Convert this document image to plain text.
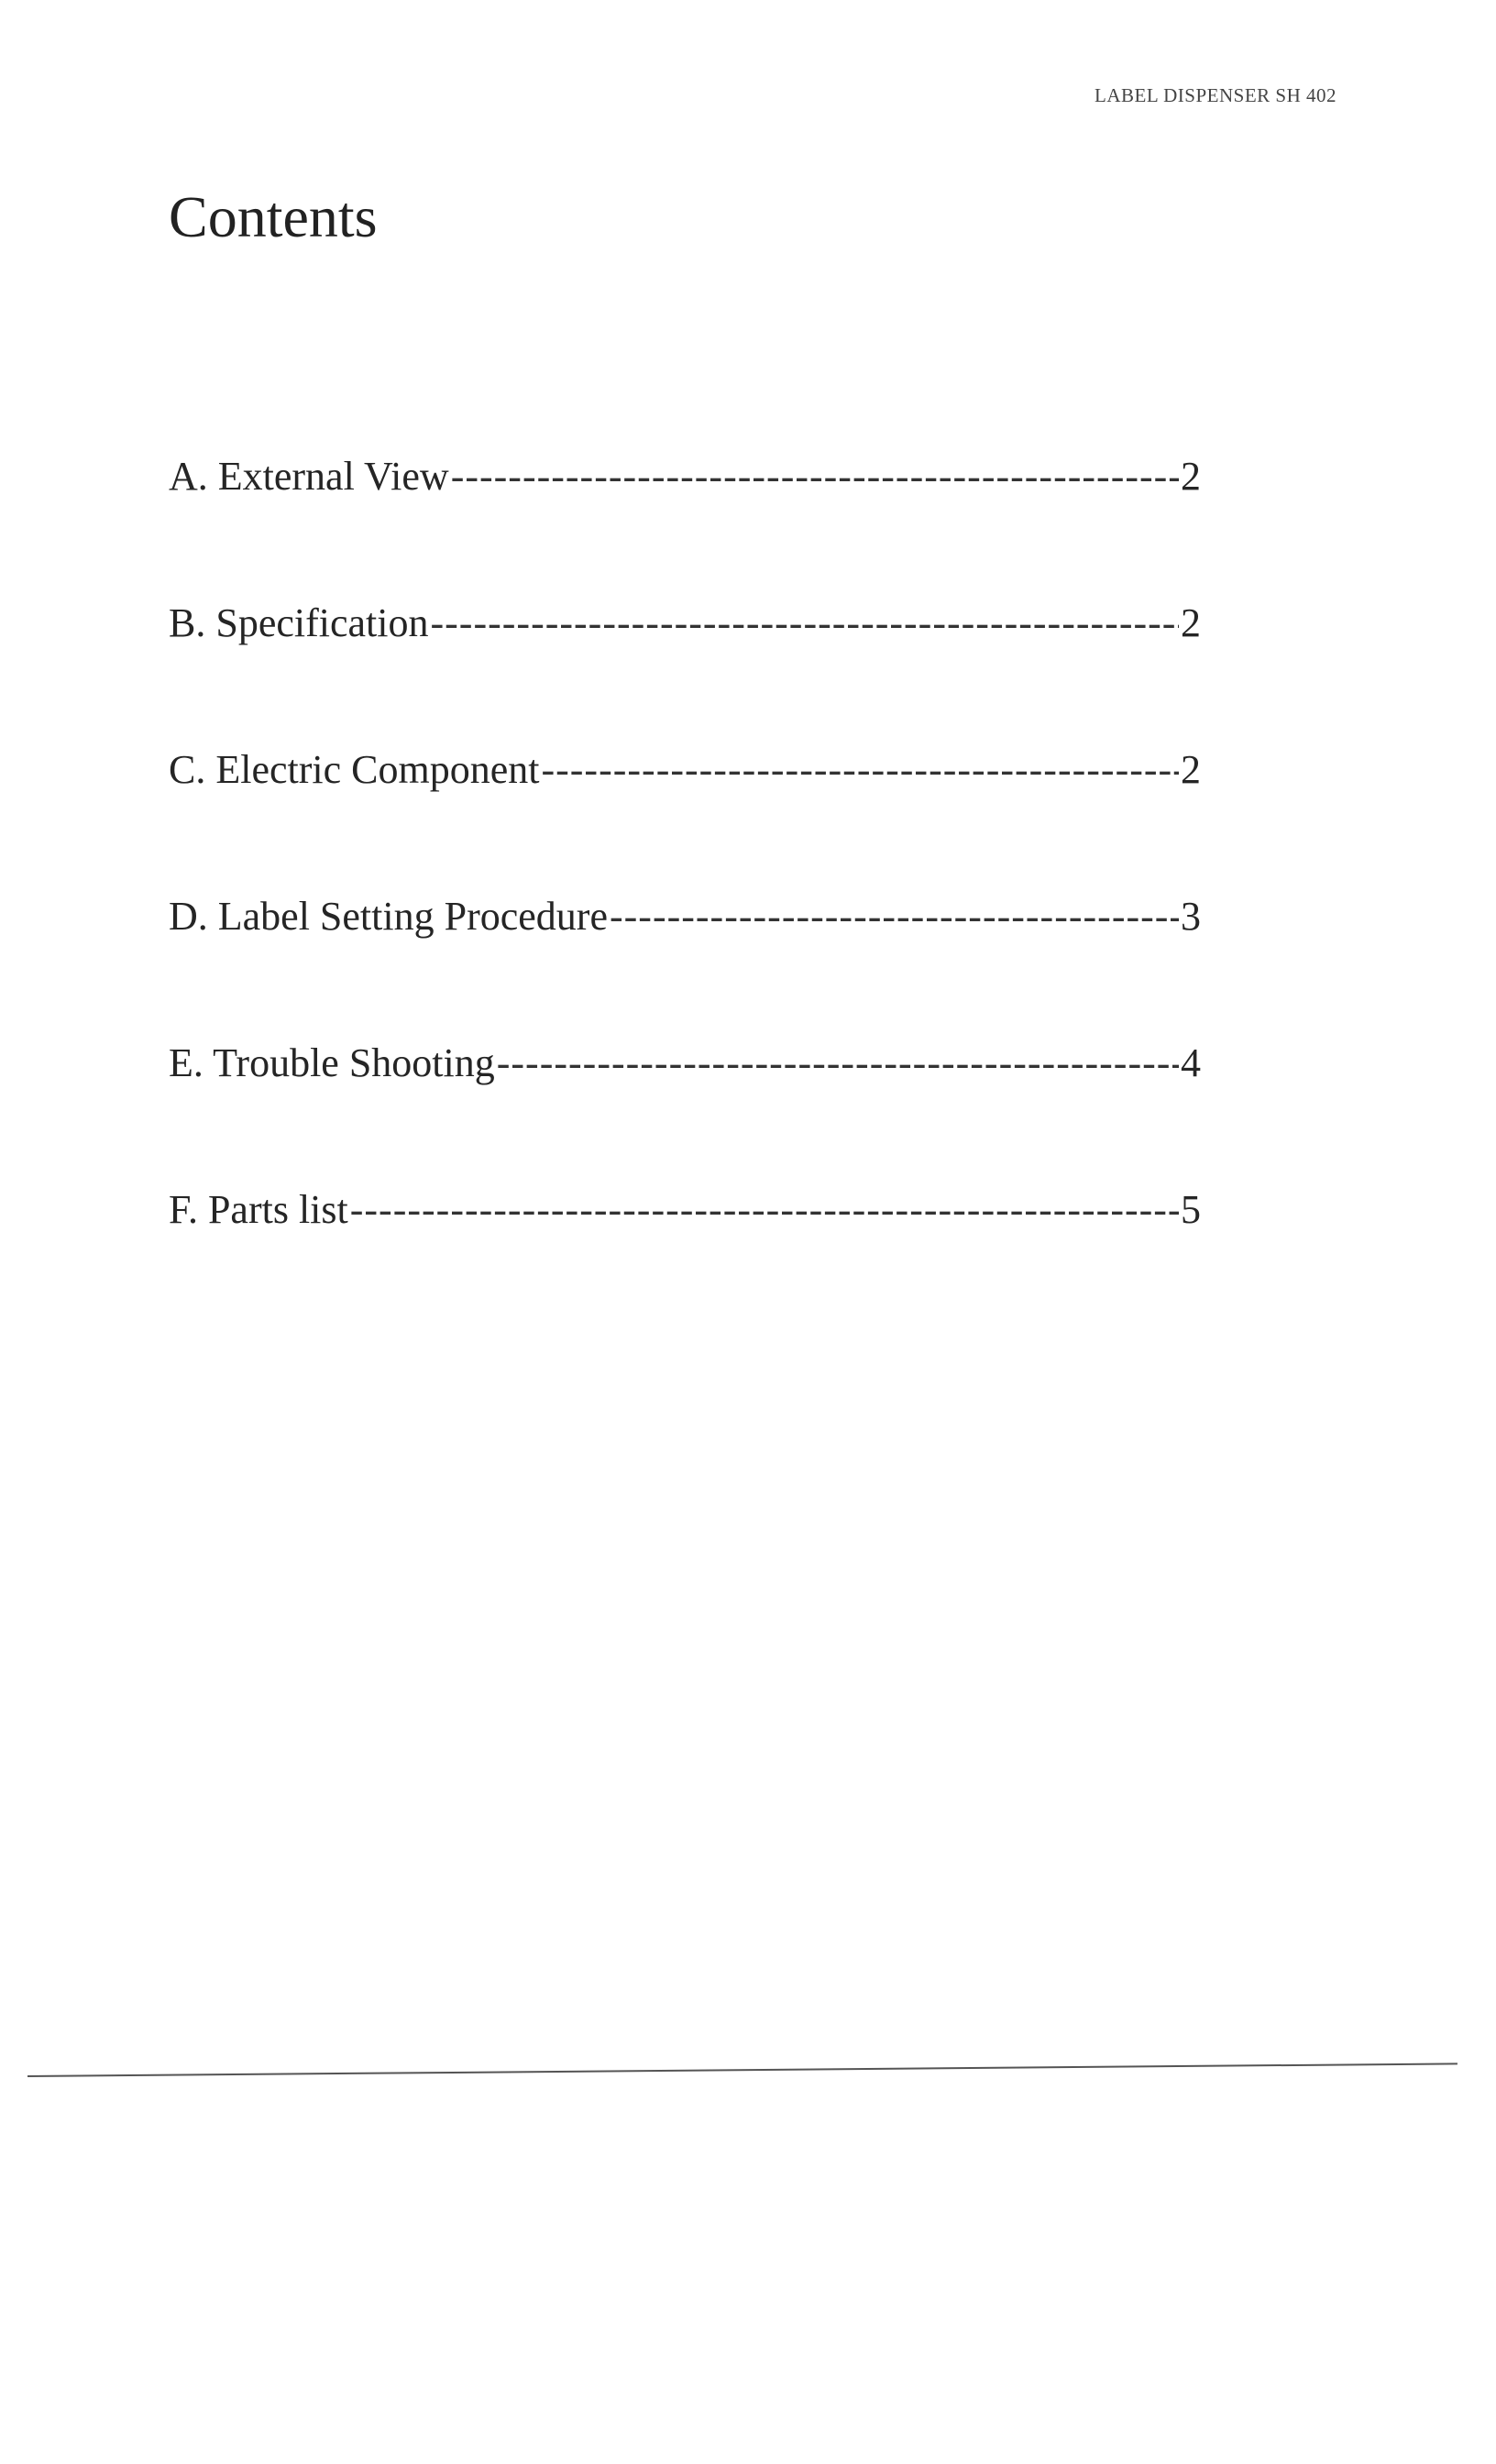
LABEL DISPENSER SH 402
Contents
A. External View -----	2
B. Specification -----	2
C. Electric Component -----	2
D. Label Setting Procedure -----	3
E. Trouble Shooting -----	4
F. Parts list -----	5
